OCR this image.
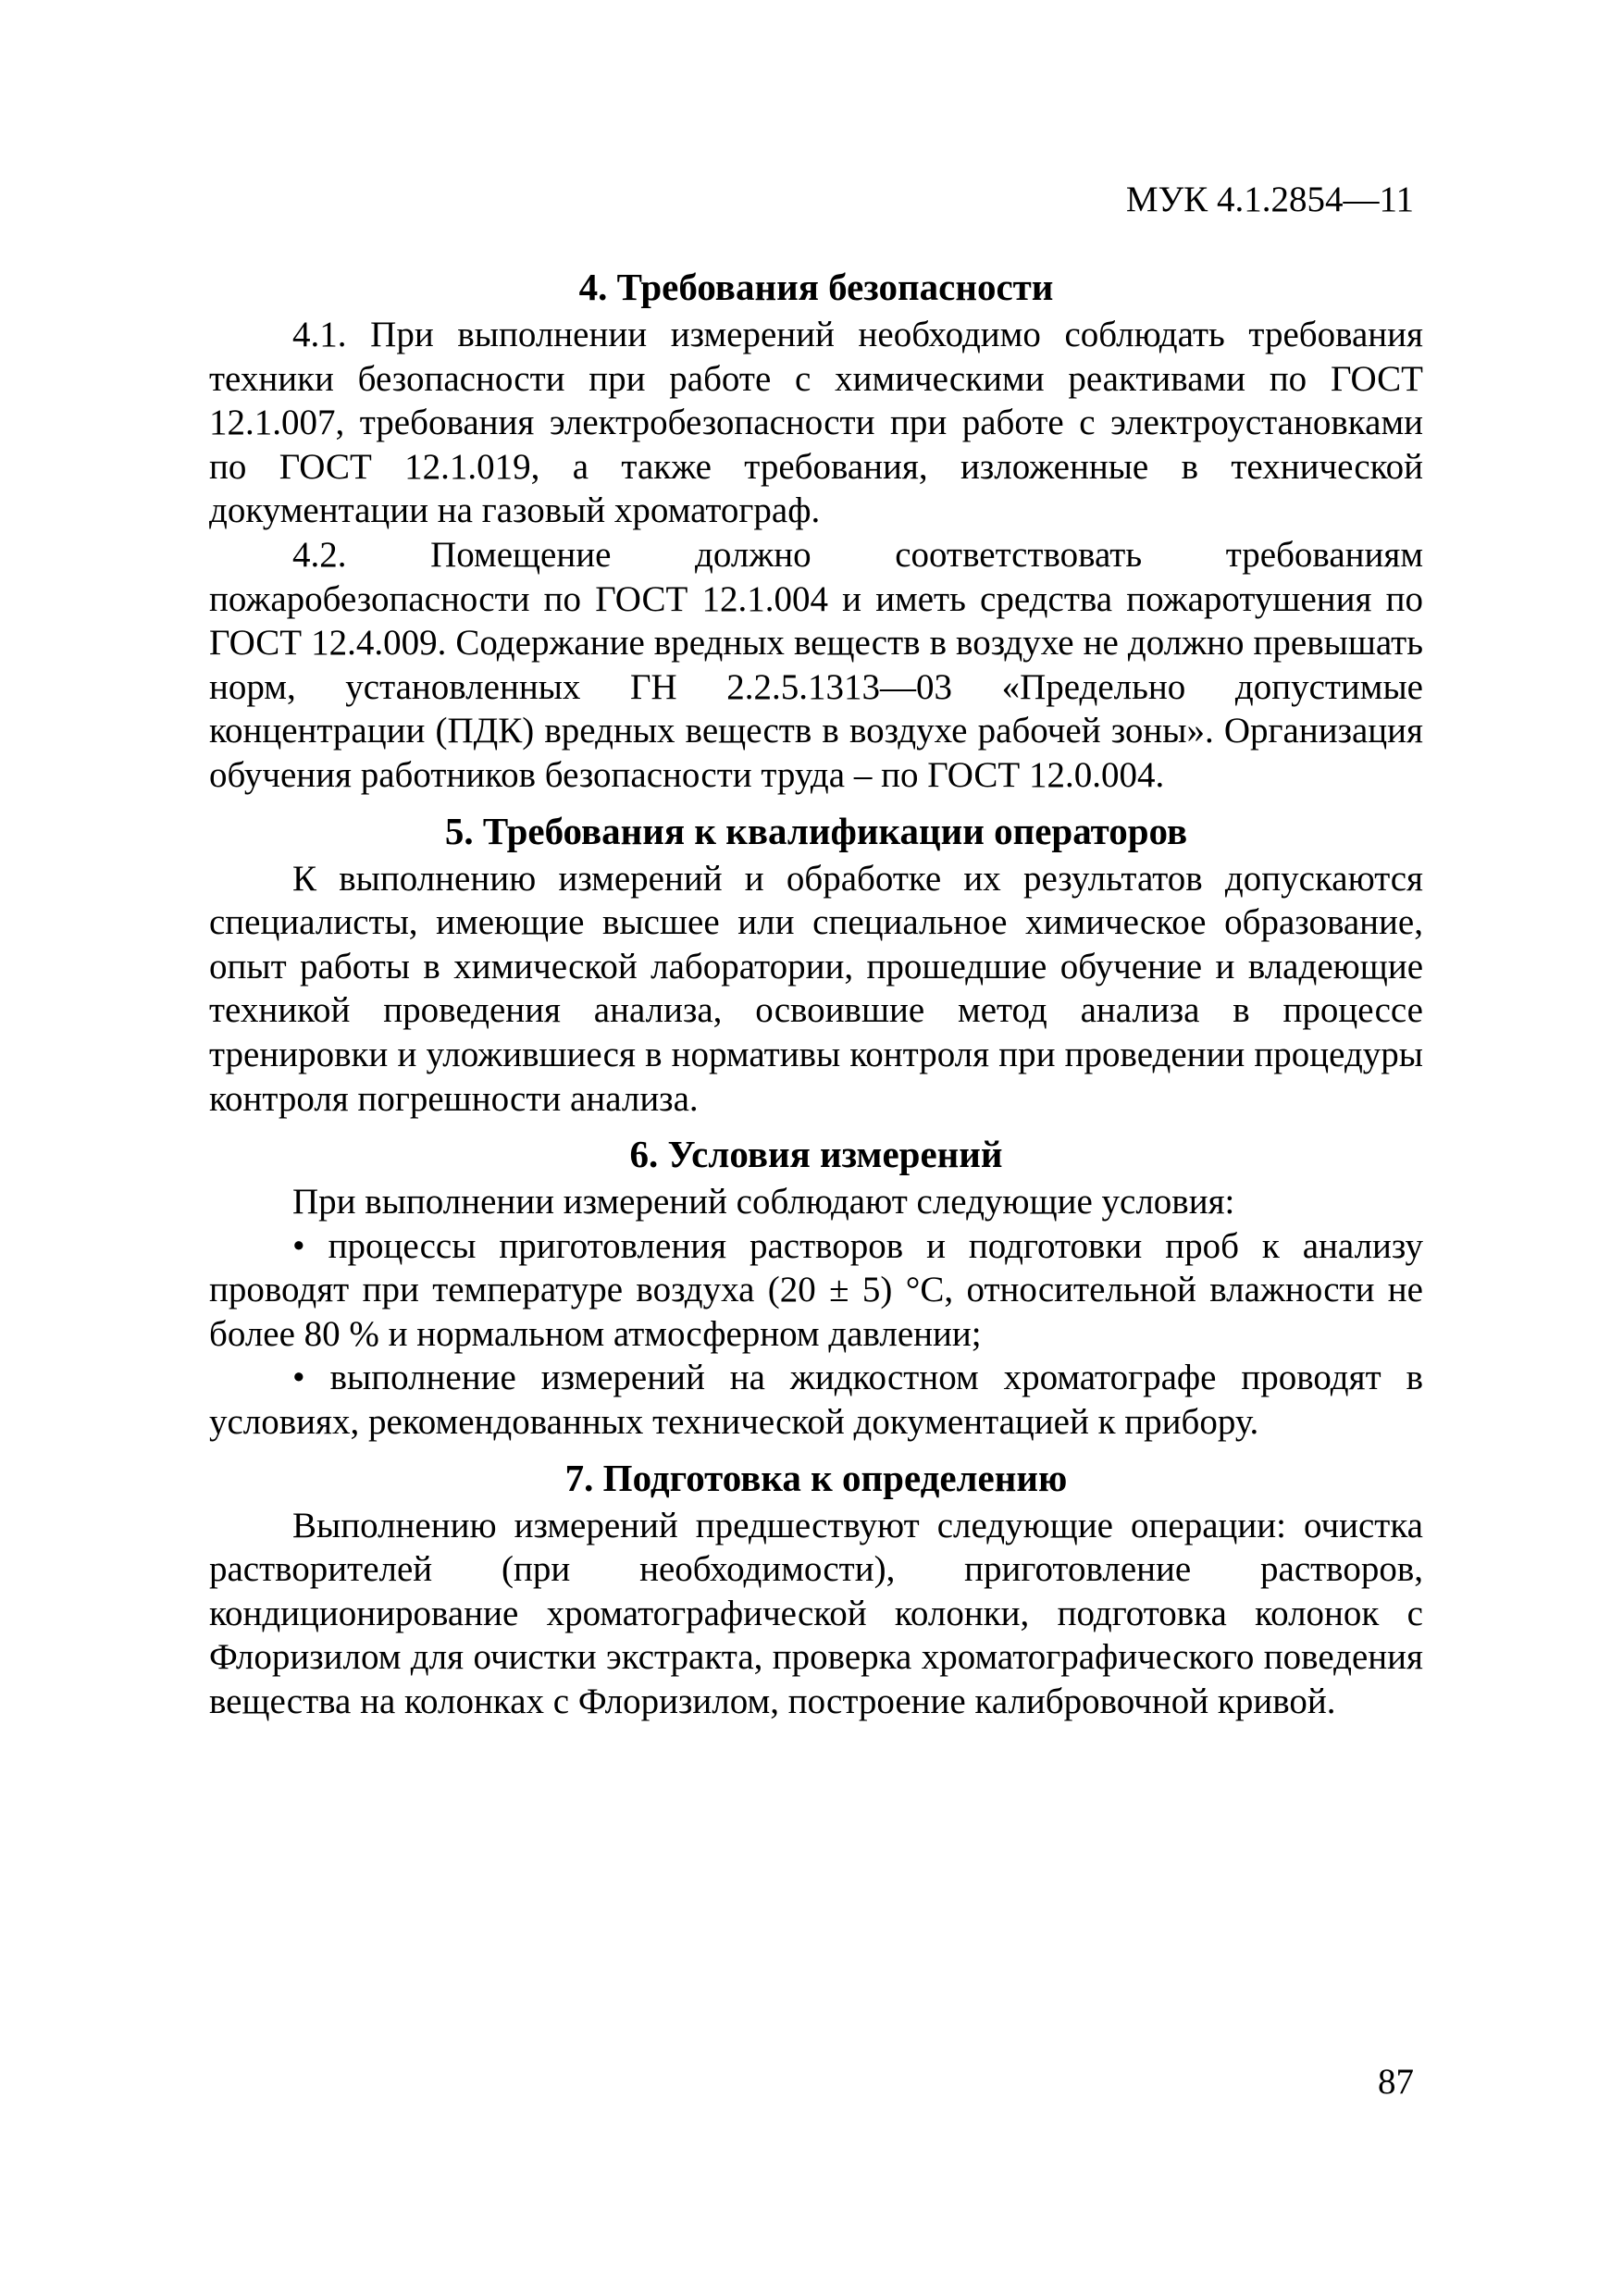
МУК 4.1.2854—11
4. Требования безопасности

4.1. При выполнении измерений необходимо соблюдать требования техники безопасности при работе с химическими реактивами по ГОСТ 12.1.007, требования электробезопасности при работе с электроустановками по ГОСТ 12.1.019, а также требования, изложенные в технической документации на газовый хроматограф.

4.2. Помещение должно соответствовать требованиям пожаробезопасности по ГОСТ 12.1.004 и иметь средства пожаротушения по ГОСТ 12.4.009. Содержание вредных веществ в воздухе не должно превышать норм, установленных ГН 2.2.5.1313—03 «Предельно допустимые концентрации (ПДК) вредных веществ в воздухе рабочей зоны». Организация обучения работников безопасности труда – по ГОСТ 12.0.004.

5. Требования к квалификации операторов

К выполнению измерений и обработке их результатов допускаются специалисты, имеющие высшее или специальное химическое образование, опыт работы в химической лаборатории, прошедшие обучение и владеющие техникой проведения анализа, освоившие метод анализа в процессе тренировки и уложившиеся в нормативы контроля при проведении процедуры контроля погрешности анализа.

6. Условия измерений

При выполнении измерений соблюдают следующие условия:

• процессы приготовления растворов и подготовки проб к анализу проводят при температуре воздуха (20 ± 5) °С, относительной влажности не более 80 % и нормальном атмосферном давлении;

• выполнение измерений на жидкостном хроматографе проводят в условиях, рекомендованных технической документацией к прибору.

7. Подготовка к определению

Выполнению измерений предшествуют следующие операции: очистка растворителей (при необходимости), приготовление растворов, кондиционирование хроматографической колонки, подготовка колонок с Флоризилом для очистки экстракта, проверка хроматографического поведения вещества на колонках с Флоризилом, построение калибровочной кривой.

87
